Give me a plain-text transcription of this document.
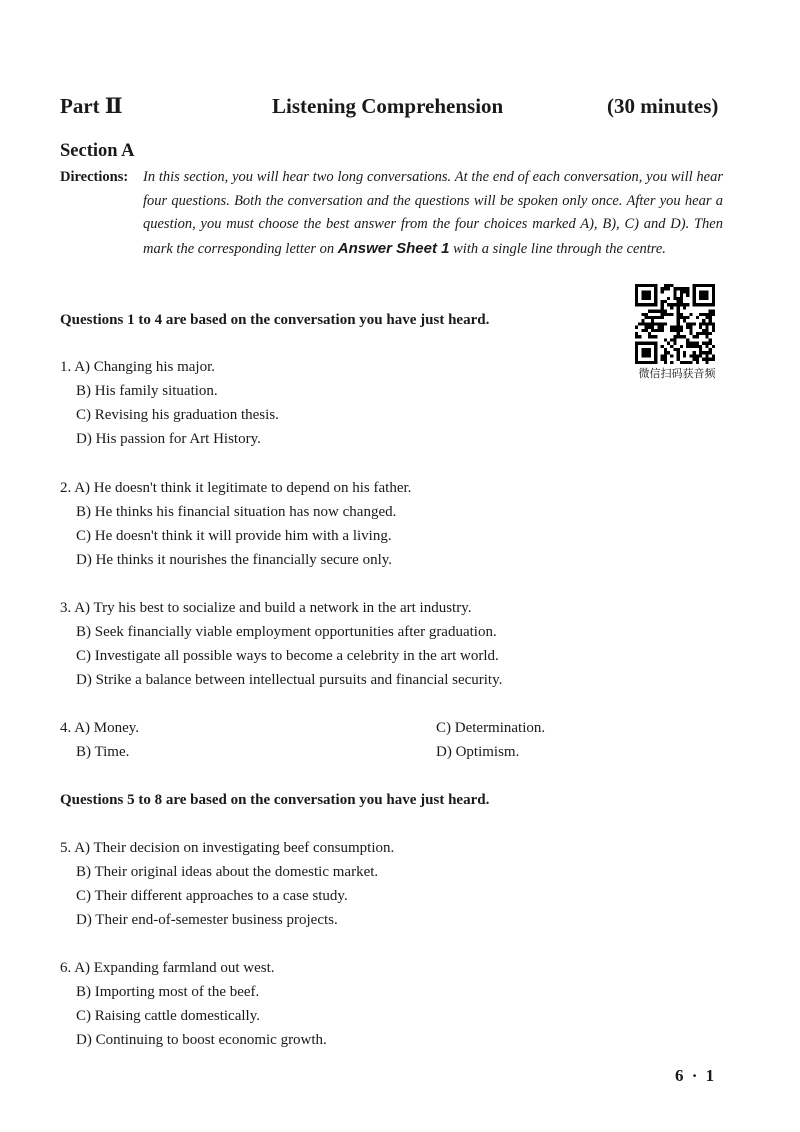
Part Ⅱ	Listening Comprehension	(30 minutes)
Section A
Directions: In this section, you will hear two long conversations. At the end of each conversation, you will hear four questions. Both the conversation and the questions will be spoken only once. After you hear a question, you must choose the best answer from the four choices marked A), B), C) and D). Then mark the corresponding letter on Answer Sheet 1 with a single line through the centre.

微信扫码获音频
Questions 1 to 4 are based on the conversation you have just heard.
Questions 5 to 8 are based on the conversation you have just heard.
1. A) Changing his major.
B) His family situation.
C) Revising his graduation thesis.
D) His passion for Art History.
2. A) He doesn't think it legitimate to depend on his father.
B) He thinks his financial situation has now changed.
C) He doesn't think it will provide him with a living.
D) He thinks it nourishes the financially secure only.
3. A) Try his best to socialize and build a network in the art industry.
B) Seek financially viable employment opportunities after graduation.
C) Investigate all possible ways to become a celebrity in the art world.
D) Strike a balance between intellectual pursuits and financial security.
4. A) Money.
B) Time.
C) Determination.
D) Optimism.
5. A) Their decision on investigating beef consumption.
B) Their original ideas about the domestic market.
C) Their different approaches to a case study.
D) Their end-of-semester business projects.
6. A) Expanding farmland out west.
B) Importing most of the beef.
C) Raising cattle domestically.
D) Continuing to boost economic growth.
6 · 1
